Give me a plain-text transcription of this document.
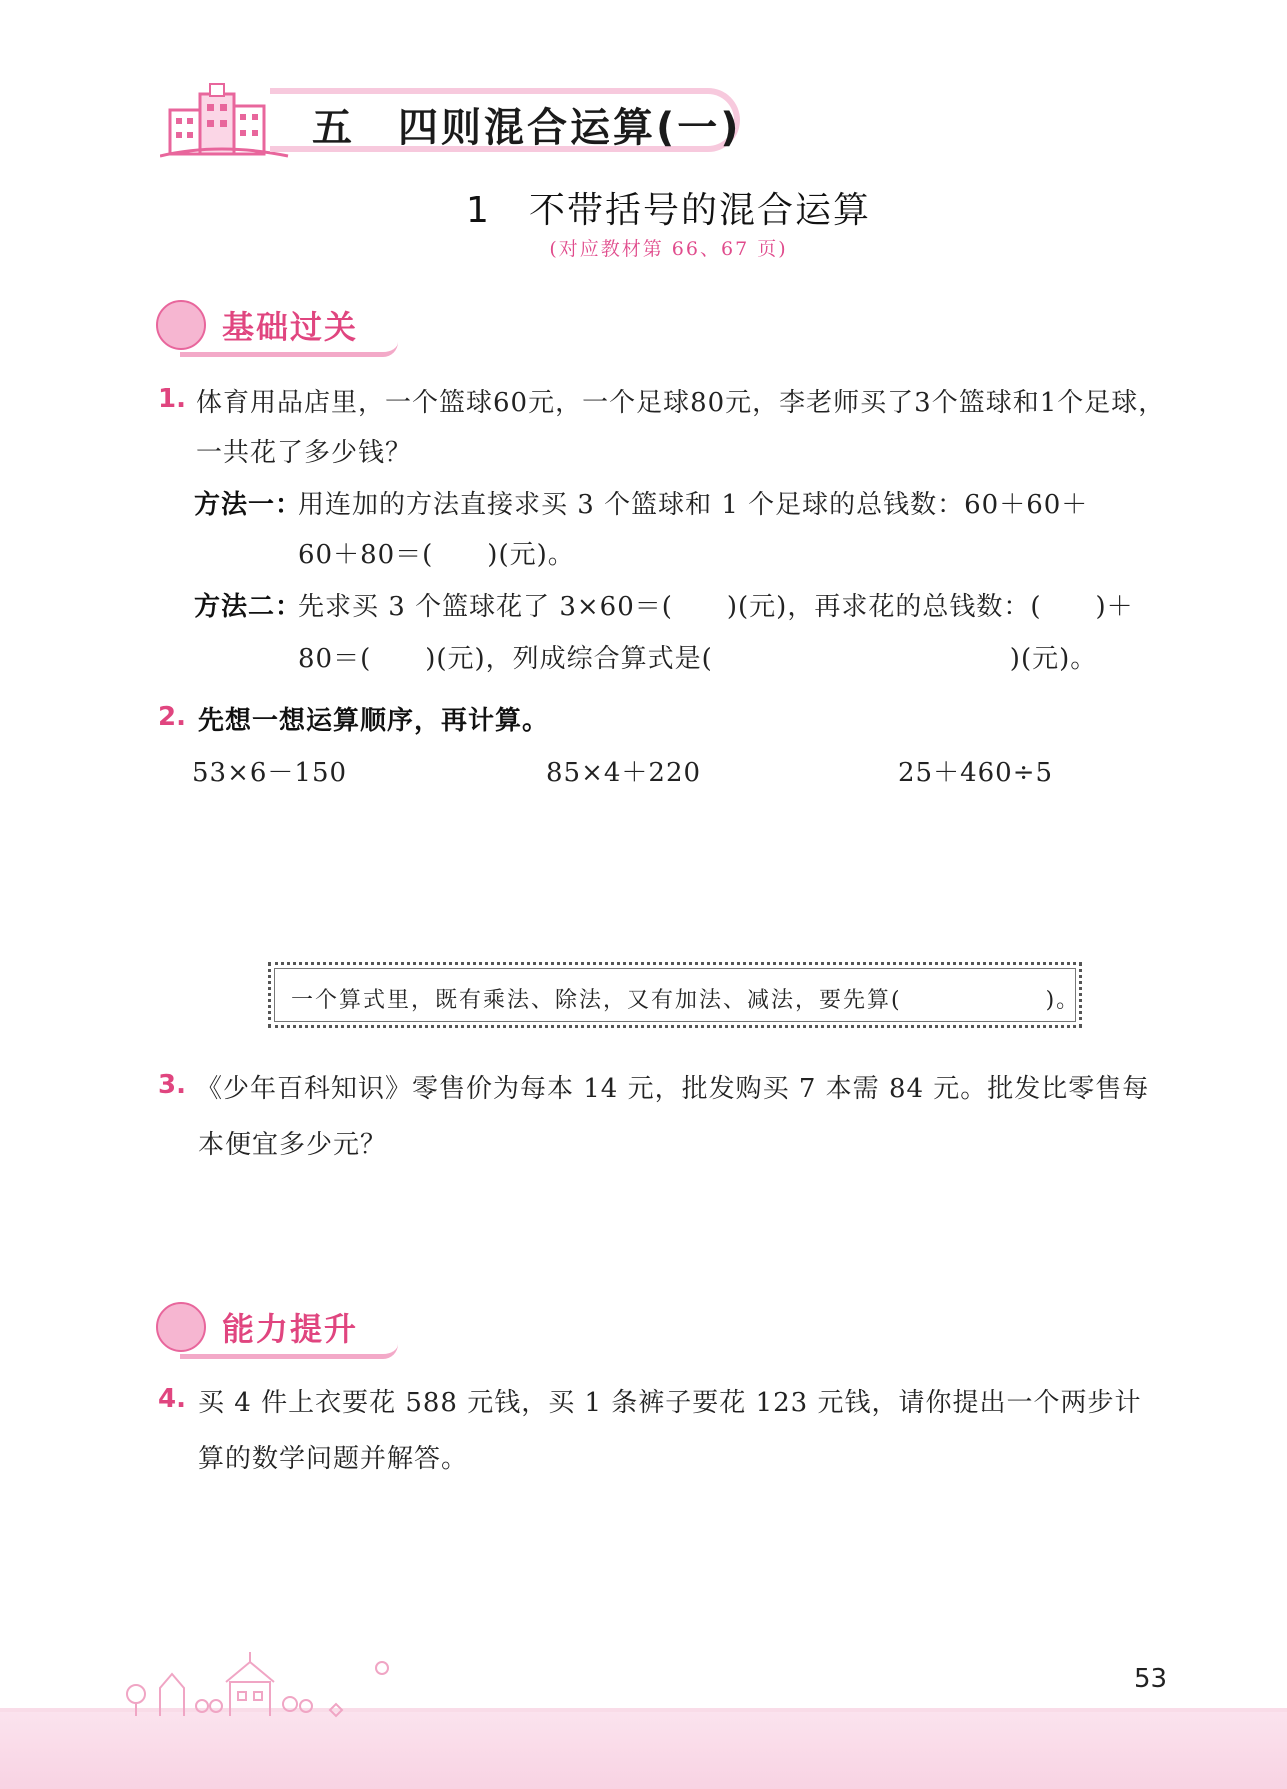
五　四则混合运算(一)
1　不带括号的混合运算
(对应教材第 66、67 页)
基础过关
1. 体育用品店里，一个篮球60元，一个足球80元，李老师买了3个篮球和1个足球，
一共花了多少钱？
方法一：
用连加的方法直接求买 3 个篮球和 1 个足球的总钱数：60＋60＋
60＋80＝(　　)(元)。
方法二：
先求买 3 个篮球花了 3×60＝(　　)(元)，再求花的总钱数：(　　)＋
80＝(　　)(元)，列成综合算式是(　　　　　　　　　　　)(元)。
2. 先想一想运算顺序，再计算。
53×6－150	85×4＋220	25＋460÷5
一个算式里，既有乘法、除法，又有加法、减法，要先算(　　　　　　)。
3. 《少年百科知识》零售价为每本 14 元，批发购买 7 本需 84 元。批发比零售每
本便宜多少元？
能力提升
4. 买 4 件上衣要花 588 元钱，买 1 条裤子要花 123 元钱，请你提出一个两步计
算的数学问题并解答。
53
